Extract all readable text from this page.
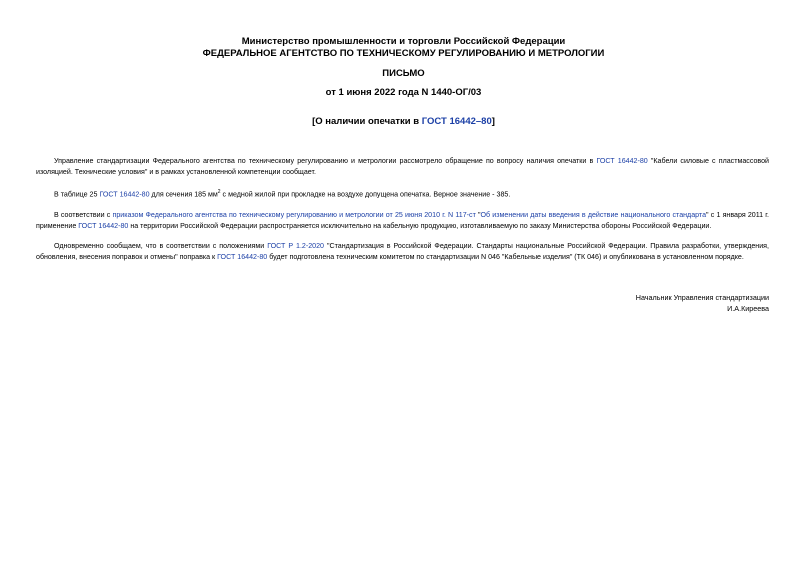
Министерство промышленности и торговли Российской Федерации
ФЕДЕРАЛЬНОЕ АГЕНТСТВО ПО ТЕХНИЧЕСКОМУ РЕГУЛИРОВАНИЮ И МЕТРОЛОГИИ
ПИСЬМО
от 1 июня 2022 года N 1440-ОГ/03
[О наличии опечатки в ГОСТ 16442–80]
Управление стандартизации Федерального агентства по техническому регулированию и метрологии рассмотрело обращение по вопросу наличия опечатки в ГОСТ 16442-80 "Кабели силовые с пластмассовой изоляцией. Технические условия" и в рамках установленной компетенции сообщает.
В таблице 25 ГОСТ 16442-80 для сечения 185 $мм^2$ с медной жилой при прокладке на воздухе допущена опечатка. Верное значение - 385.
В соответствии с приказом Федерального агентства по техническому регулированию и метрологии от 25 июня 2010 г. N 117-ст "Об изменении даты введения в действие национального стандарта" с 1 января 2011 г. применение ГОСТ 16442-80 на территории Российской Федерации распространяется исключительно на кабельную продукцию, изготавливаемую по заказу Министерства обороны Российской Федерации.
Одновременно сообщаем, что в соответствии с положениями ГОСТ Р 1.2-2020 "Стандартизация в Российской Федерации. Стандарты национальные Российской Федерации. Правила разработки, утверждения, обновления, внесения поправок и отмены" поправка к ГОСТ 16442-80 будет подготовлена техническим комитетом по стандартизации N 046 "Кабельные изделия" (ТК 046) и опубликована в установленном порядке.
Начальник Управления стандартизации
И.А.Киреева
